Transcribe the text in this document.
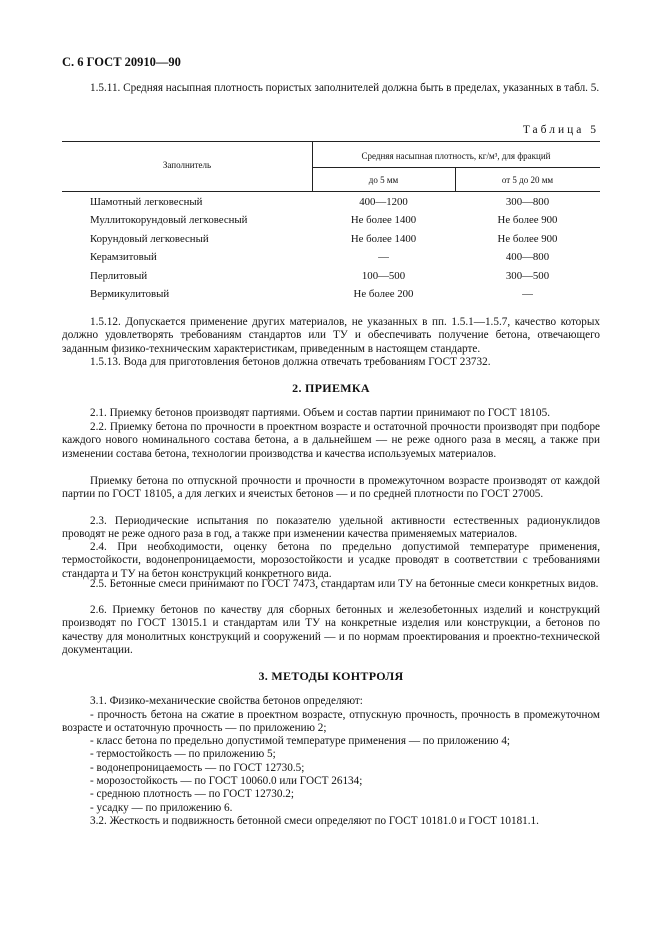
С. 6 ГОСТ 20910—90

1.5.11. Средняя насыпная плотность пористых заполнителей должна быть в пределах, указанных в табл. 5.

Таблица 5
Заполнитель
Средняя насыпная плотность, кг/м³, для фракций
до 5 мм	от 5 до 20 мм
Шамотный легковесный	400—1200	300—800
Муллитокорундовый легковесный	Не более 1400	Не более 900
Корундовый легковесный	Не более 1400	Не более 900
Керамзитовый	—	400—800
Перлитовый	100—500	300—500
Вермикулитовый	Не более 200	—

1.5.12. Допускается применение других материалов, не указанных в пп. 1.5.1—1.5.7, качество которых должно удовлетворять требованиям стандартов или ТУ и обеспечивать получение бетона, отвечающего заданным физико-техническим характеристикам, приведенным в настоящем стандарте.

1.5.13. Вода для приготовления бетонов должна отвечать требованиям ГОСТ 23732.

2. ПРИЕМКА

2.1. Приемку бетонов производят партиями. Объем и состав партии принимают по ГОСТ 18105.

2.2. Приемку бетона по прочности в проектном возрасте и остаточной прочности производят при подборе каждого нового номинального состава бетона, а в дальнейшем — не реже одного раза в месяц, а также при изменении состава бетона, технологии производства и качества используемых материалов.

Приемку бетона по отпускной прочности и прочности в промежуточном возрасте производят от каждой партии по ГОСТ 18105, а для легких и ячеистых бетонов — и по средней плотности по ГОСТ 27005.

2.3. Периодические испытания по показателю удельной активности естественных радионуклидов проводят не реже одного раза в год, а также при изменении качества применяемых материалов.

2.4. При необходимости, оценку бетона по предельно допустимой температуре применения, термостойкости, водонепроницаемости, морозостойкости и усадке проводят в соответствии с требованиями стандарта и ТУ на бетон конструкций конкретного вида.

2.5. Бетонные смеси принимают по ГОСТ 7473, стандартам или ТУ на бетонные смеси конкретных видов.

2.6. Приемку бетонов по качеству для сборных бетонных и железобетонных изделий и конструкций производят по ГОСТ 13015.1 и стандартам или ТУ на конкретные изделия или конструкции, а бетонов по качеству для монолитных конструкций и сооружений — и по нормам проектирования и проектно-технической документации.

3. МЕТОДЫ КОНТРОЛЯ

3.1. Физико-механические свойства бетонов определяют:

- прочность бетона на сжатие в проектном возрасте, отпускную прочность, прочность в промежуточном возрасте и остаточную прочность — по приложению 2;

- класс бетона по предельно допустимой температуре применения — по приложению 4;

- термостойкость — по приложению 5;

- водонепроницаемость — по ГОСТ 12730.5;

- морозостойкость — по ГОСТ 10060.0 или ГОСТ 26134;

- среднюю плотность — по ГОСТ 12730.2;

- усадку — по приложению 6.

3.2. Жесткость и подвижность бетонной смеси определяют по ГОСТ 10181.0 и ГОСТ 10181.1.
